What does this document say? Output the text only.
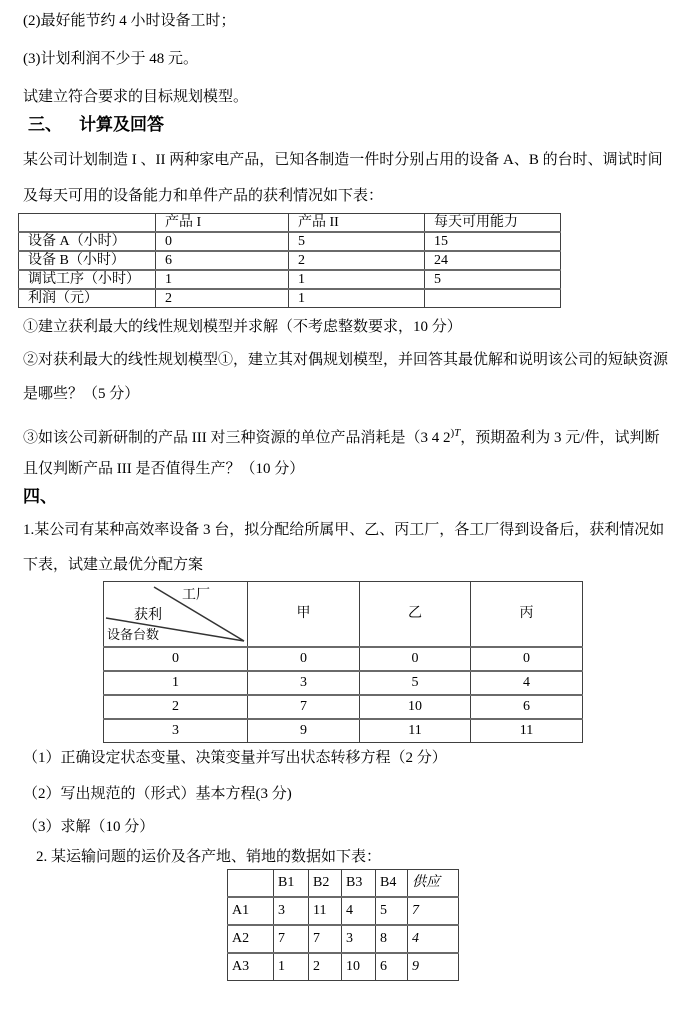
(2)最好能节约 4 小时设备工时；
(3)计划利润不少于 48 元。
试建立符合要求的目标规划模型。
三、 计算及回答
某公司计划制造 I 、II 两种家电产品，已知各制造一件时分别占用的设备 A、B 的台时、调试时间
及每天可用的设备能力和单件产品的获利情况如下表：
	产品 I	产品 II	每天可用能力
设备 A（小时）	0	5	15
设备 B（小时）	6	2	24
调试工序（小时）	1	1	5
利润（元）	2	1	
①建立获利最大的线性规划模型并求解（不考虑整数要求，10 分）
②对获利最大的线性规划模型①，建立其对偶规划模型，并回答其最优解和说明该公司的短缺资源
是哪些？（5 分）
③如该公司新研制的产品 III 对三种资源的单位产品消耗是（3 4 $2^{)T}$，预期盈利为 3 元/件，试判断
且仅判断产品 III 是否值得生产？（10 分）
四、
1.某公司有某种高效率设备 3 台，拟分配给所属甲、乙、丙工厂，各工厂得到设备后，获利情况如
下表，试建立最优分配方案
工厂
获利
设备台数	甲	乙	丙
0	0	0	0
1	3	5	4
2	7	10	6
3	9	11	11
（1）正确设定状态变量、决策变量并写出状态转移方程（2 分）
（2）写出规范的（形式）基本方程(3 分)
（3）求解（10 分）
2. 某运输问题的运价及各产地、销地的数据如下表：
	B1	B2	B3	B4	供应
A1	3	11	4	5	7
A2	7	7	3	8	4
A3	1	2	10	6	9
